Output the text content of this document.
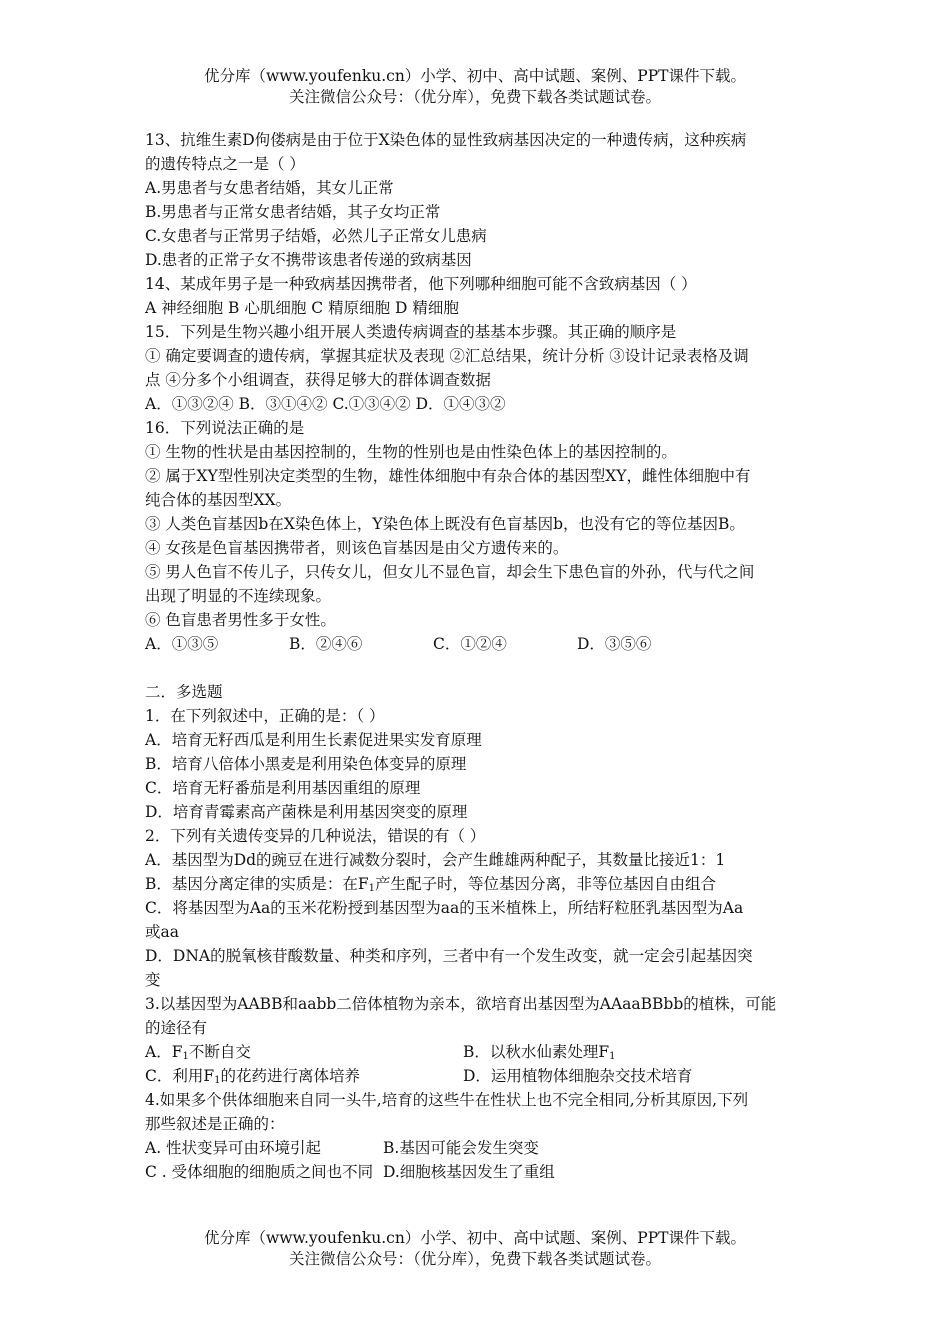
优分库（www.youfenku.cn）小学、初中、高中试题、案例、PPT课件下载。
关注微信公众号：（优分库），免费下载各类试题试卷。
13、抗维生素D佝偻病是由于位于X染色体的显性致病基因决定的一种遗传病，这种疾病
的遗传特点之一是（ ）
A.男患者与女患者结婚，其女儿正常
B.男患者与正常女患者结婚，其子女均正常
C.女患者与正常男子结婚，必然儿子正常女儿患病
D.患者的正常子女不携带该患者传递的致病基因
14、某成年男子是一种致病基因携带者，他下列哪种细胞可能不含致病基因（ ）
A 神经细胞 B 心肌细胞 C 精原细胞 D 精细胞
15．下列是生物兴趣小组开展人类遗传病调查的基基本步骤。其正确的顺序是
① 确定要调查的遗传病，掌握其症状及表现 ②汇总结果，统计分析 ③设计记录表格及调
点 ④分多个小组调查，获得足够大的群体调查数据
A．①③②④ B．③①④② C.①③④② D．①④③②
16．下列说法正确的是
① 生物的性状是由基因控制的，生物的性别也是由性染色体上的基因控制的。
② 属于XY型性别决定类型的生物，雄性体细胞中有杂合体的基因型XY，雌性体细胞中有
纯合体的基因型XX。
③ 人类色盲基因b在X染色体上，Y染色体上既没有色盲基因b，也没有它的等位基因B。
④ 女孩是色盲基因携带者，则该色盲基因是由父方遗传来的。
⑤ 男人色盲不传儿子，只传女儿，但女儿不显色盲，却会生下患色盲的外孙，代与代之间
出现了明显的不连续现象。
⑥ 色盲患者男性多于女性。
A．①③⑤	B．②④⑥	C．①②④	D．③⑤⑥
二．多选题
1．在下列叙述中，正确的是：（ ）
A．培育无籽西瓜是利用生长素促进果实发育原理
B．培育八倍体小黑麦是利用染色体变异的原理
C．培育无籽番茄是利用基因重组的原理
D．培育青霉素高产菌株是利用基因突变的原理
2．下列有关遗传变异的几种说法，错误的有（ ）
A．基因型为Dd的豌豆在进行减数分裂时，会产生雌雄两种配子，其数量比接近1：1
B．基因分离定律的实质是：在$F_1$产生配子时，等位基因分离，非等位基因自由组合
C．将基因型为Aa的玉米花粉授到基因型为aa的玉米植株上，所结籽粒胚乳基因型为Aa
或aa
D．DNA的脱氧核苷酸数量、种类和序列，三者中有一个发生改变，就一定会引起基因突
变
3.以基因型为AABB和aabb二倍体植物为亲本，欲培育出基因型为AAaaBBbb的植株，可能
的途径有
A．$F_1$不断自交	B．以秋水仙素处理$F_1$
C．利用$F_1$的花药进行离体培养	D．运用植物体细胞杂交技术培育
4.如果多个供体细胞来自同一头牛,培育的这些牛在性状上也不完全相同,分析其原因,下列
那些叙述是正确的：
A. 性状变异可由环境引起	B.基因可能会发生突变
C . 受体细胞的细胞质之间也不同 D.细胞核基因发生了重组
优分库（www.youfenku.cn）小学、初中、高中试题、案例、PPT课件下载。
关注微信公众号：（优分库），免费下载各类试题试卷。
